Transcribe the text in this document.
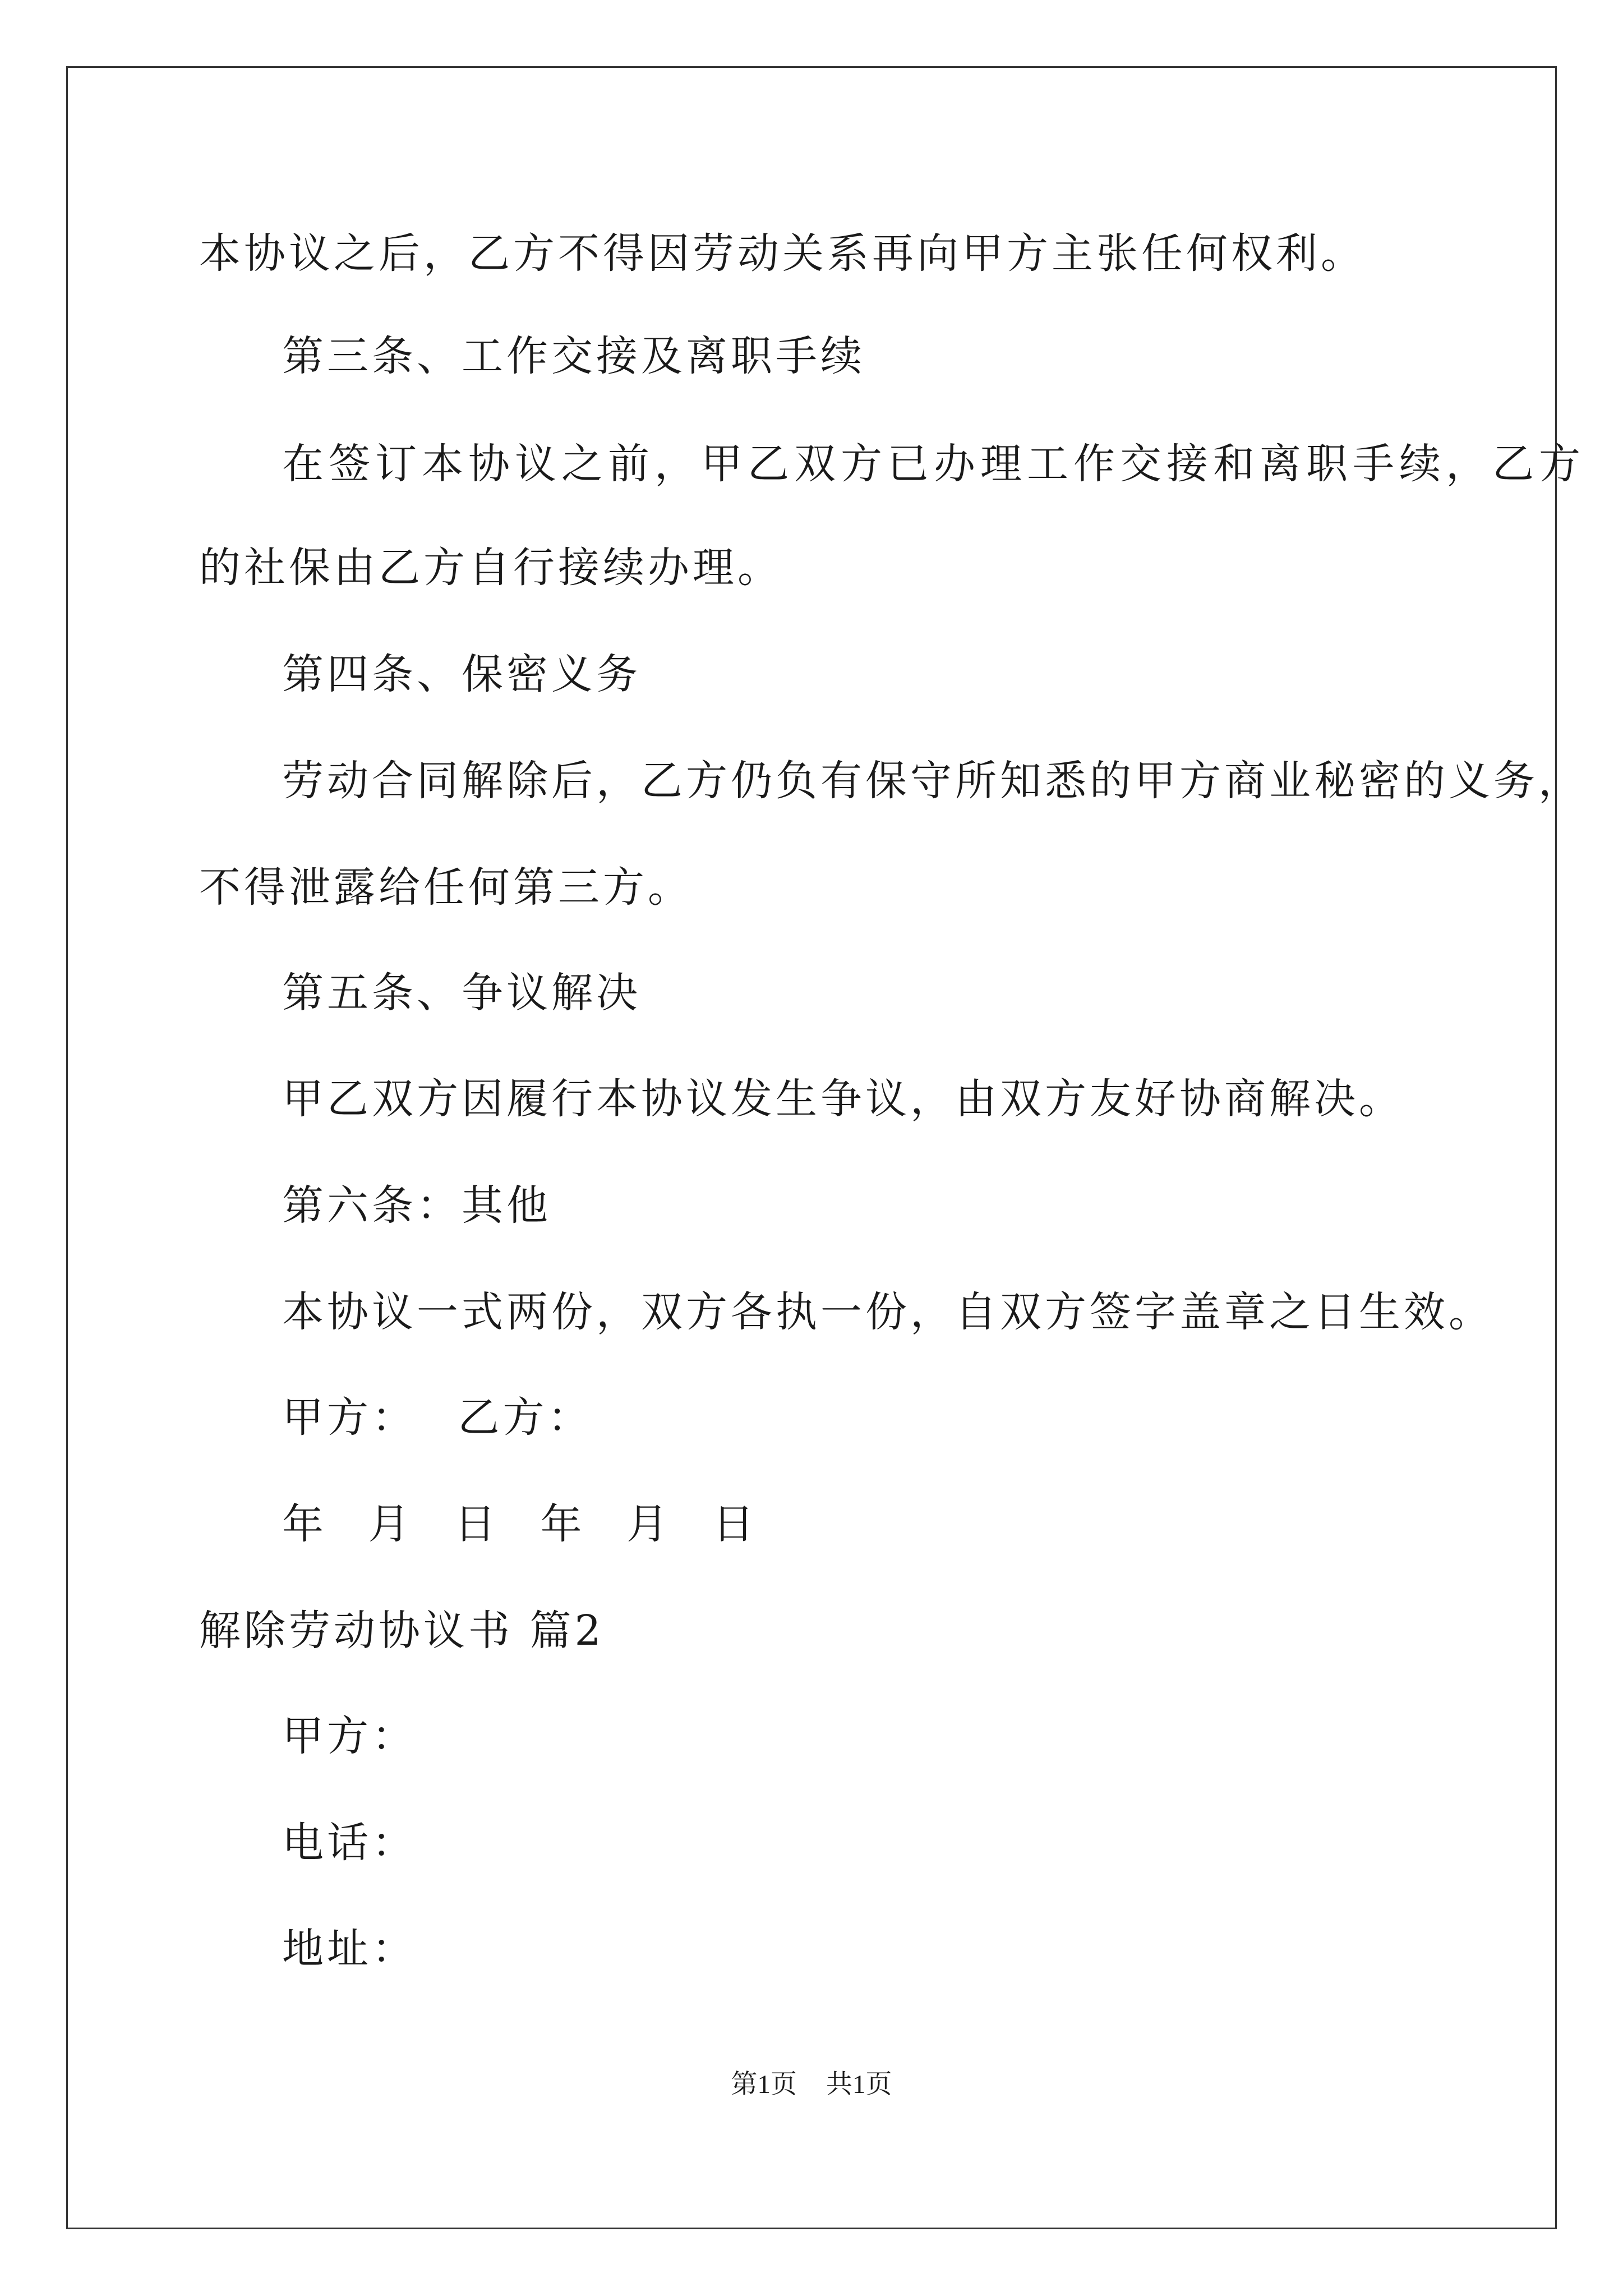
本协议之后，乙方不得因劳动关系再向甲方主张任何权利。
第三条、工作交接及离职手续
在签订本协议之前，甲乙双方已办理工作交接和离职手续，乙方
的社保由乙方自行接续办理。
第四条、保密义务
劳动合同解除后，乙方仍负有保守所知悉的甲方商业秘密的义务，
不得泄露给任何第三方。
第五条、争议解决
甲乙双方因履行本协议发生争议，由双方友好协商解决。
第六条：其他
本协议一式两份，双方各执一份，自双方签字盖章之日生效。
甲方： 乙方：
年 月 日 年 月 日
解除劳动协议书 篇2
甲方：
电话：
地址：
第1页 共1页
